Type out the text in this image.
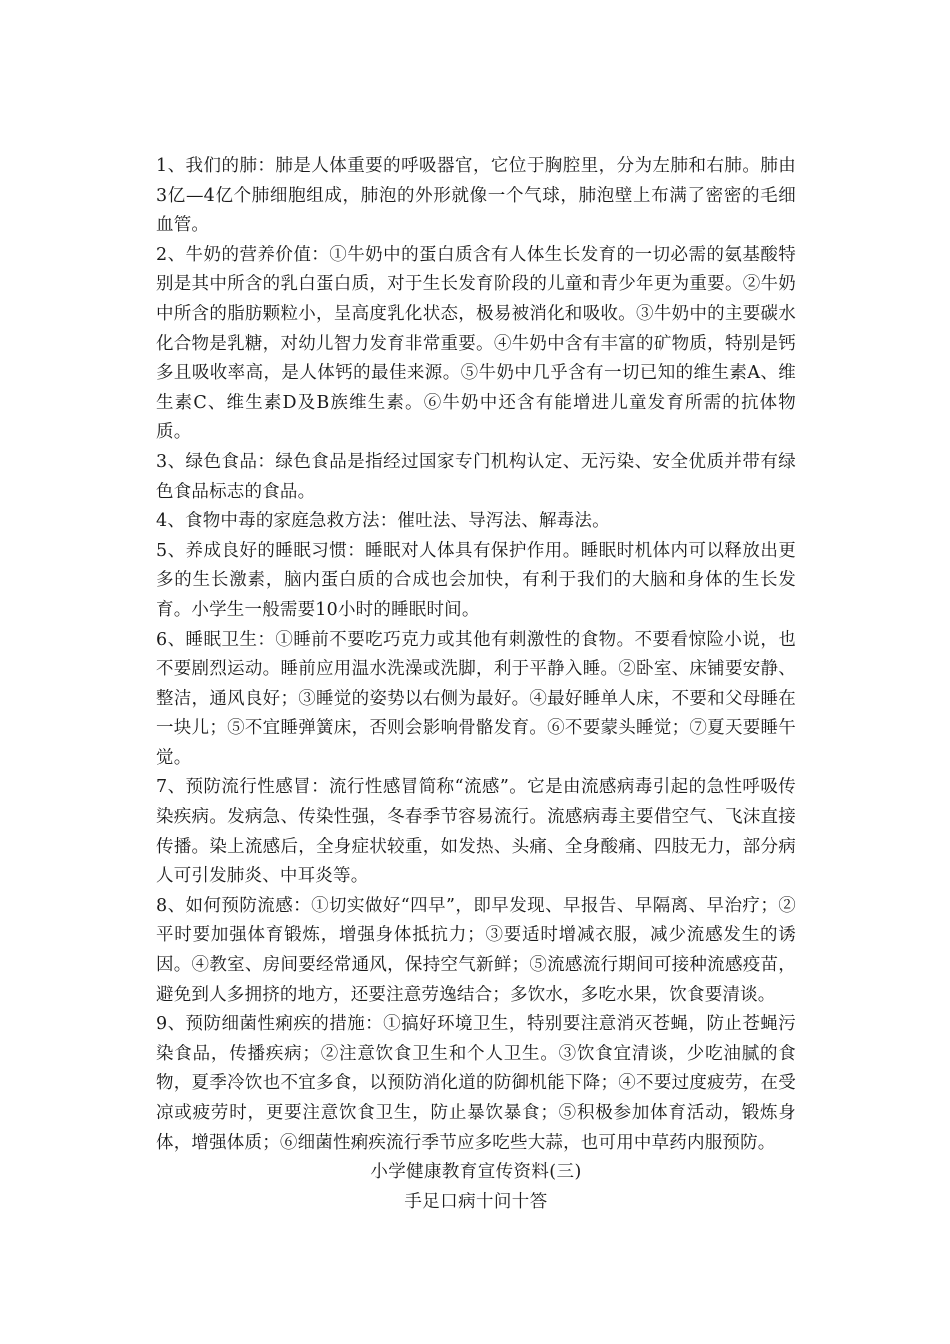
1、我们的肺：肺是人体重要的呼吸器官，它位于胸腔里，分为左肺和右肺。肺由3亿—4亿个肺细胞组成，肺泡的外形就像一个气球，肺泡壁上布满了密密的毛细血管。

2、牛奶的营养价值：①牛奶中的蛋白质含有人体生长发育的一切必需的氨基酸特别是其中所含的乳白蛋白质，对于生长发育阶段的儿童和青少年更为重要。②牛奶中所含的脂肪颗粒小，呈高度乳化状态，极易被消化和吸收。③牛奶中的主要碳水化合物是乳糖，对幼儿智力发育非常重要。④牛奶中含有丰富的矿物质，特别是钙多且吸收率高，是人体钙的最佳来源。⑤牛奶中几乎含有一切已知的维生素A、维生素C、维生素D及B族维生素。⑥牛奶中还含有能增进儿童发育所需的抗体物质。

3、绿色食品：绿色食品是指经过国家专门机构认定、无污染、安全优质并带有绿色食品标志的食品。

4、食物中毒的家庭急救方法：催吐法、导泻法、解毒法。

5、养成良好的睡眠习惯：睡眠对人体具有保护作用。睡眠时机体内可以释放出更多的生长激素，脑内蛋白质的合成也会加快，有利于我们的大脑和身体的生长发育。小学生一般需要10小时的睡眠时间。

6、睡眠卫生：①睡前不要吃巧克力或其他有刺激性的食物。不要看惊险小说，也不要剧烈运动。睡前应用温水洗澡或洗脚，利于平静入睡。②卧室、床铺要安静、整洁，通风良好；③睡觉的姿势以右侧为最好。④最好睡单人床，不要和父母睡在一块儿；⑤不宜睡弹簧床，否则会影响骨骼发育。⑥不要蒙头睡觉；⑦夏天要睡午觉。

7、预防流行性感冒：流行性感冒简称“流感”。它是由流感病毒引起的急性呼吸传染疾病。发病急、传染性强，冬春季节容易流行。流感病毒主要借空气、飞沫直接传播。染上流感后，全身症状较重，如发热、头痛、全身酸痛、四肢无力，部分病人可引发肺炎、中耳炎等。

8、如何预防流感：①切实做好“四早”，即早发现、早报告、早隔离、早治疗；②平时要加强体育锻炼，增强身体抵抗力；③要适时增减衣服，减少流感发生的诱因。④教室、房间要经常通风，保持空气新鲜；⑤流感流行期间可接种流感疫苗，避免到人多拥挤的地方，还要注意劳逸结合；多饮水，多吃水果，饮食要清谈。

9、预防细菌性痢疾的措施：①搞好环境卫生，特别要注意消灭苍蝇，防止苍蝇污染食品，传播疾病；②注意饮食卫生和个人卫生。③饮食宜清谈，少吃油腻的食物，夏季冷饮也不宜多食，以预防消化道的防御机能下降；④不要过度疲劳，在受凉或疲劳时，更要注意饮食卫生，防止暴饮暴食；⑤积极参加体育活动，锻炼身体，增强体质；⑥细菌性痢疾流行季节应多吃些大蒜，也可用中草药内服预防。

小学健康教育宣传资料(三)

手足口病十问十答
